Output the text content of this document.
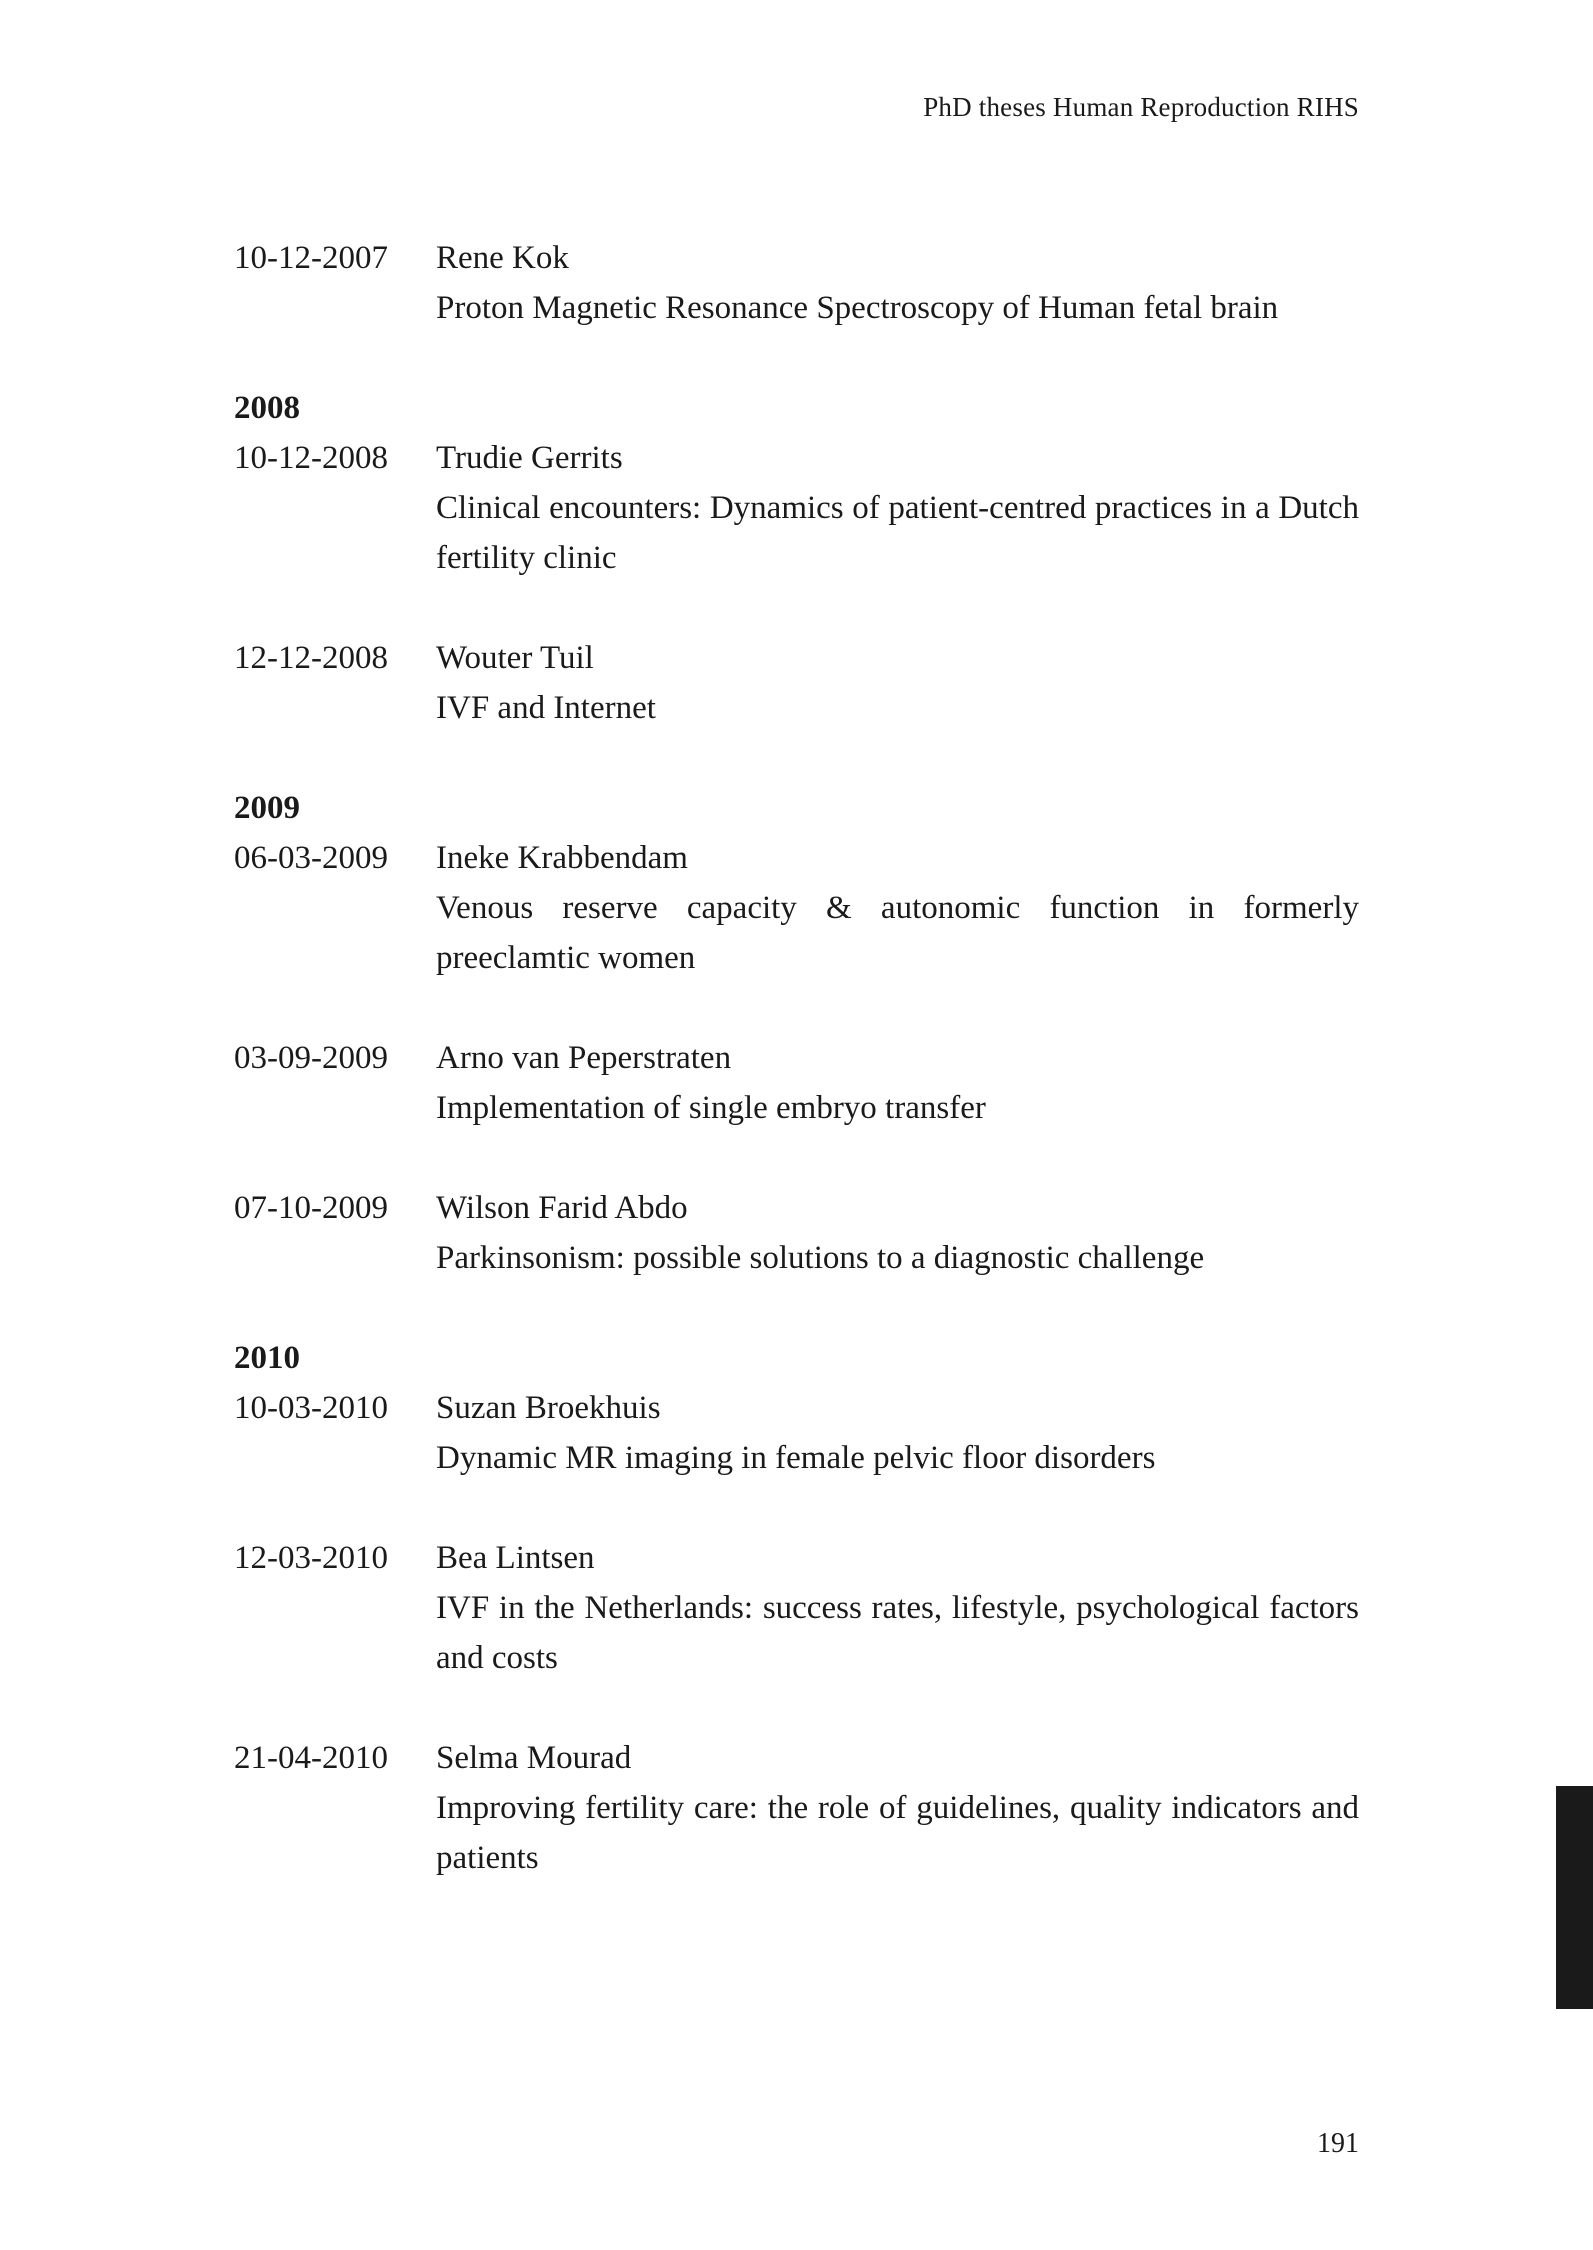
PhD theses Human Reproduction RIHS
10-12-2007	Rene Kok
Proton Magnetic Resonance Spectroscopy of Human fetal brain
2008
10-12-2008	Trudie Gerrits
Clinical encounters: Dynamics of patient-centred practices in a Dutch fertility clinic
12-12-2008	Wouter Tuil
IVF and Internet
2009
06-03-2009	Ineke Krabbendam
Venous reserve capacity & autonomic function in formerly preeclamtic women
03-09-2009	Arno van Peperstraten
Implementation of single embryo transfer
07-10-2009	Wilson Farid Abdo
Parkinsonism: possible solutions to a diagnostic challenge
2010
10-03-2010	Suzan Broekhuis
Dynamic MR imaging in female pelvic floor disorders
12-03-2010	Bea Lintsen
IVF in the Netherlands: success rates, lifestyle, psychological factors and costs
21-04-2010	Selma Mourad
Improving fertility care: the role of guidelines, quality indicators and patients
191
